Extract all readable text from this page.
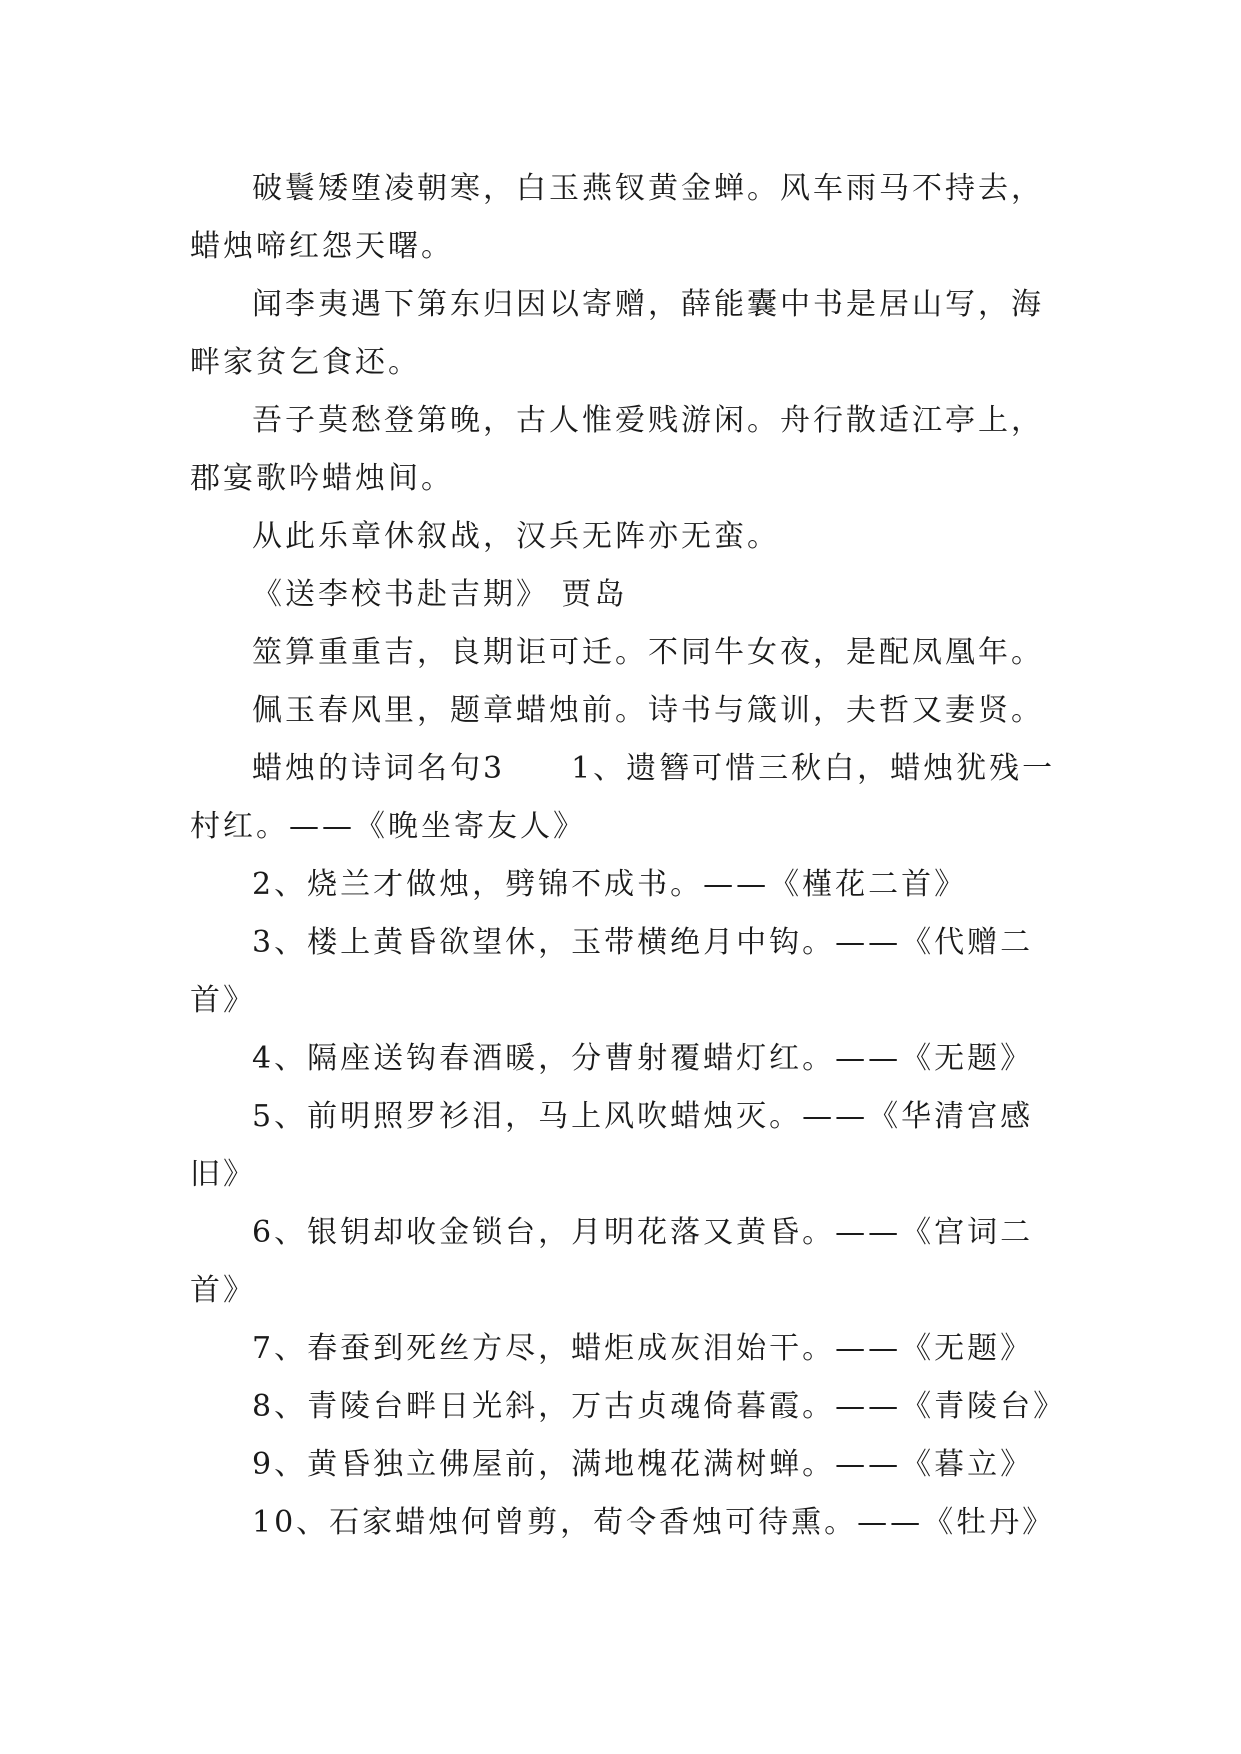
破鬟矮堕凌朝寒，白玉燕钗黄金蝉。风车雨马不持去，蜡烛啼红怨天曙。

闻李夷遇下第东归因以寄赠，薛能囊中书是居山写，海畔家贫乞食还。

吾子莫愁登第晚，古人惟爱贱游闲。舟行散适江亭上，郡宴歌吟蜡烛间。

从此乐章休叙战，汉兵无阵亦无蛮。

《送李校书赴吉期》 贾岛

筮算重重吉，良期讵可迁。不同牛女夜，是配凤凰年。

佩玉春风里，题章蜡烛前。诗书与箴训，夫哲又妻贤。

蜡烛的诗词名句3　　1、遗簪可惜三秋白，蜡烛犹残一村红。——《晚坐寄友人》

2、烧兰才做烛，劈锦不成书。——《槿花二首》

3、楼上黄昏欲望休，玉带横绝月中钩。——《代赠二首》

4、隔座送钩春酒暖，分曹射覆蜡灯红。——《无题》

5、前明照罗衫泪，马上风吹蜡烛灭。——《华清宫感旧》

6、银钥却收金锁台，月明花落又黄昏。——《宫词二首》

7、春蚕到死丝方尽，蜡炬成灰泪始干。——《无题》

8、青陵台畔日光斜，万古贞魂倚暮霞。——《青陵台》

9、黄昏独立佛屋前，满地槐花满树蝉。——《暮立》

10、石家蜡烛何曾剪，荀令香烛可待熏。——《牡丹》
